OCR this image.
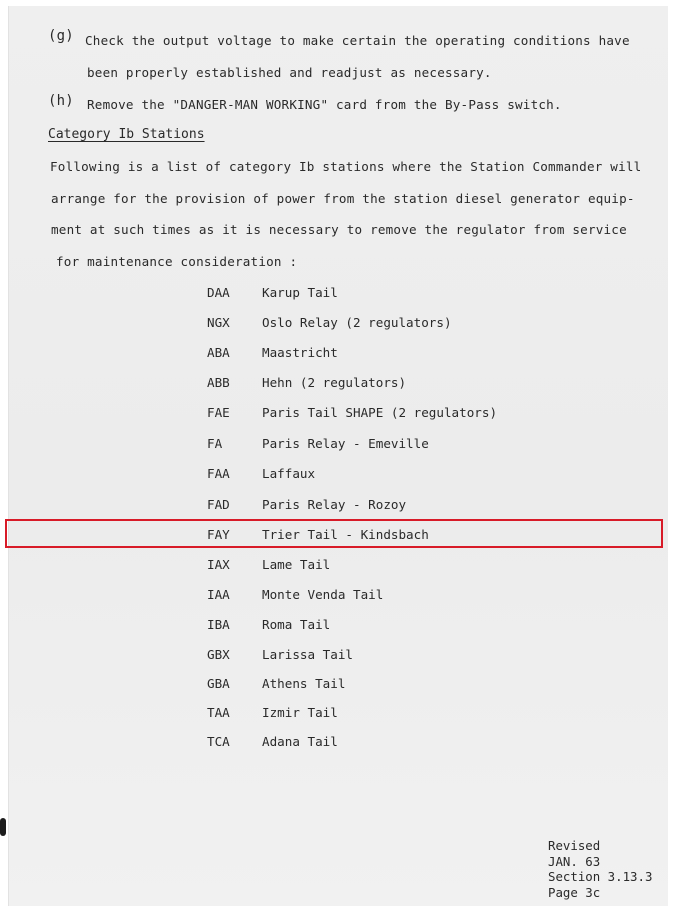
(g) Check the output voltage to make certain the operating conditions have
been properly established and readjust as necessary.
(h) Remove the "DANGER-MAN WORKING" card from the By-Pass switch.
Category Ib Stations
Following is a list of category Ib stations where the Station Commander will
arrange for the provision of power from the station diesel generator equip-
ment at such times as it is necessary to remove the regulator from service
for maintenance consideration :
DAA	Karup Tail
NGX	Oslo Relay (2 regulators)
ABA	Maastricht
ABB	Hehn (2 regulators)
FAE	Paris Tail SHAPE (2 regulators)
FA	Paris Relay - Emeville
FAA	Laffaux
FAD	Paris Relay - Rozoy
FAY	Trier Tail - Kindsbach
IAX	Lame Tail
IAA	Monte Venda Tail
IBA	Roma Tail
GBX	Larissa Tail
GBA	Athens Tail
TAA	Izmir Tail
TCA	Adana Tail
Revised
JAN. 63
Section 3.13.3
Page 3c
